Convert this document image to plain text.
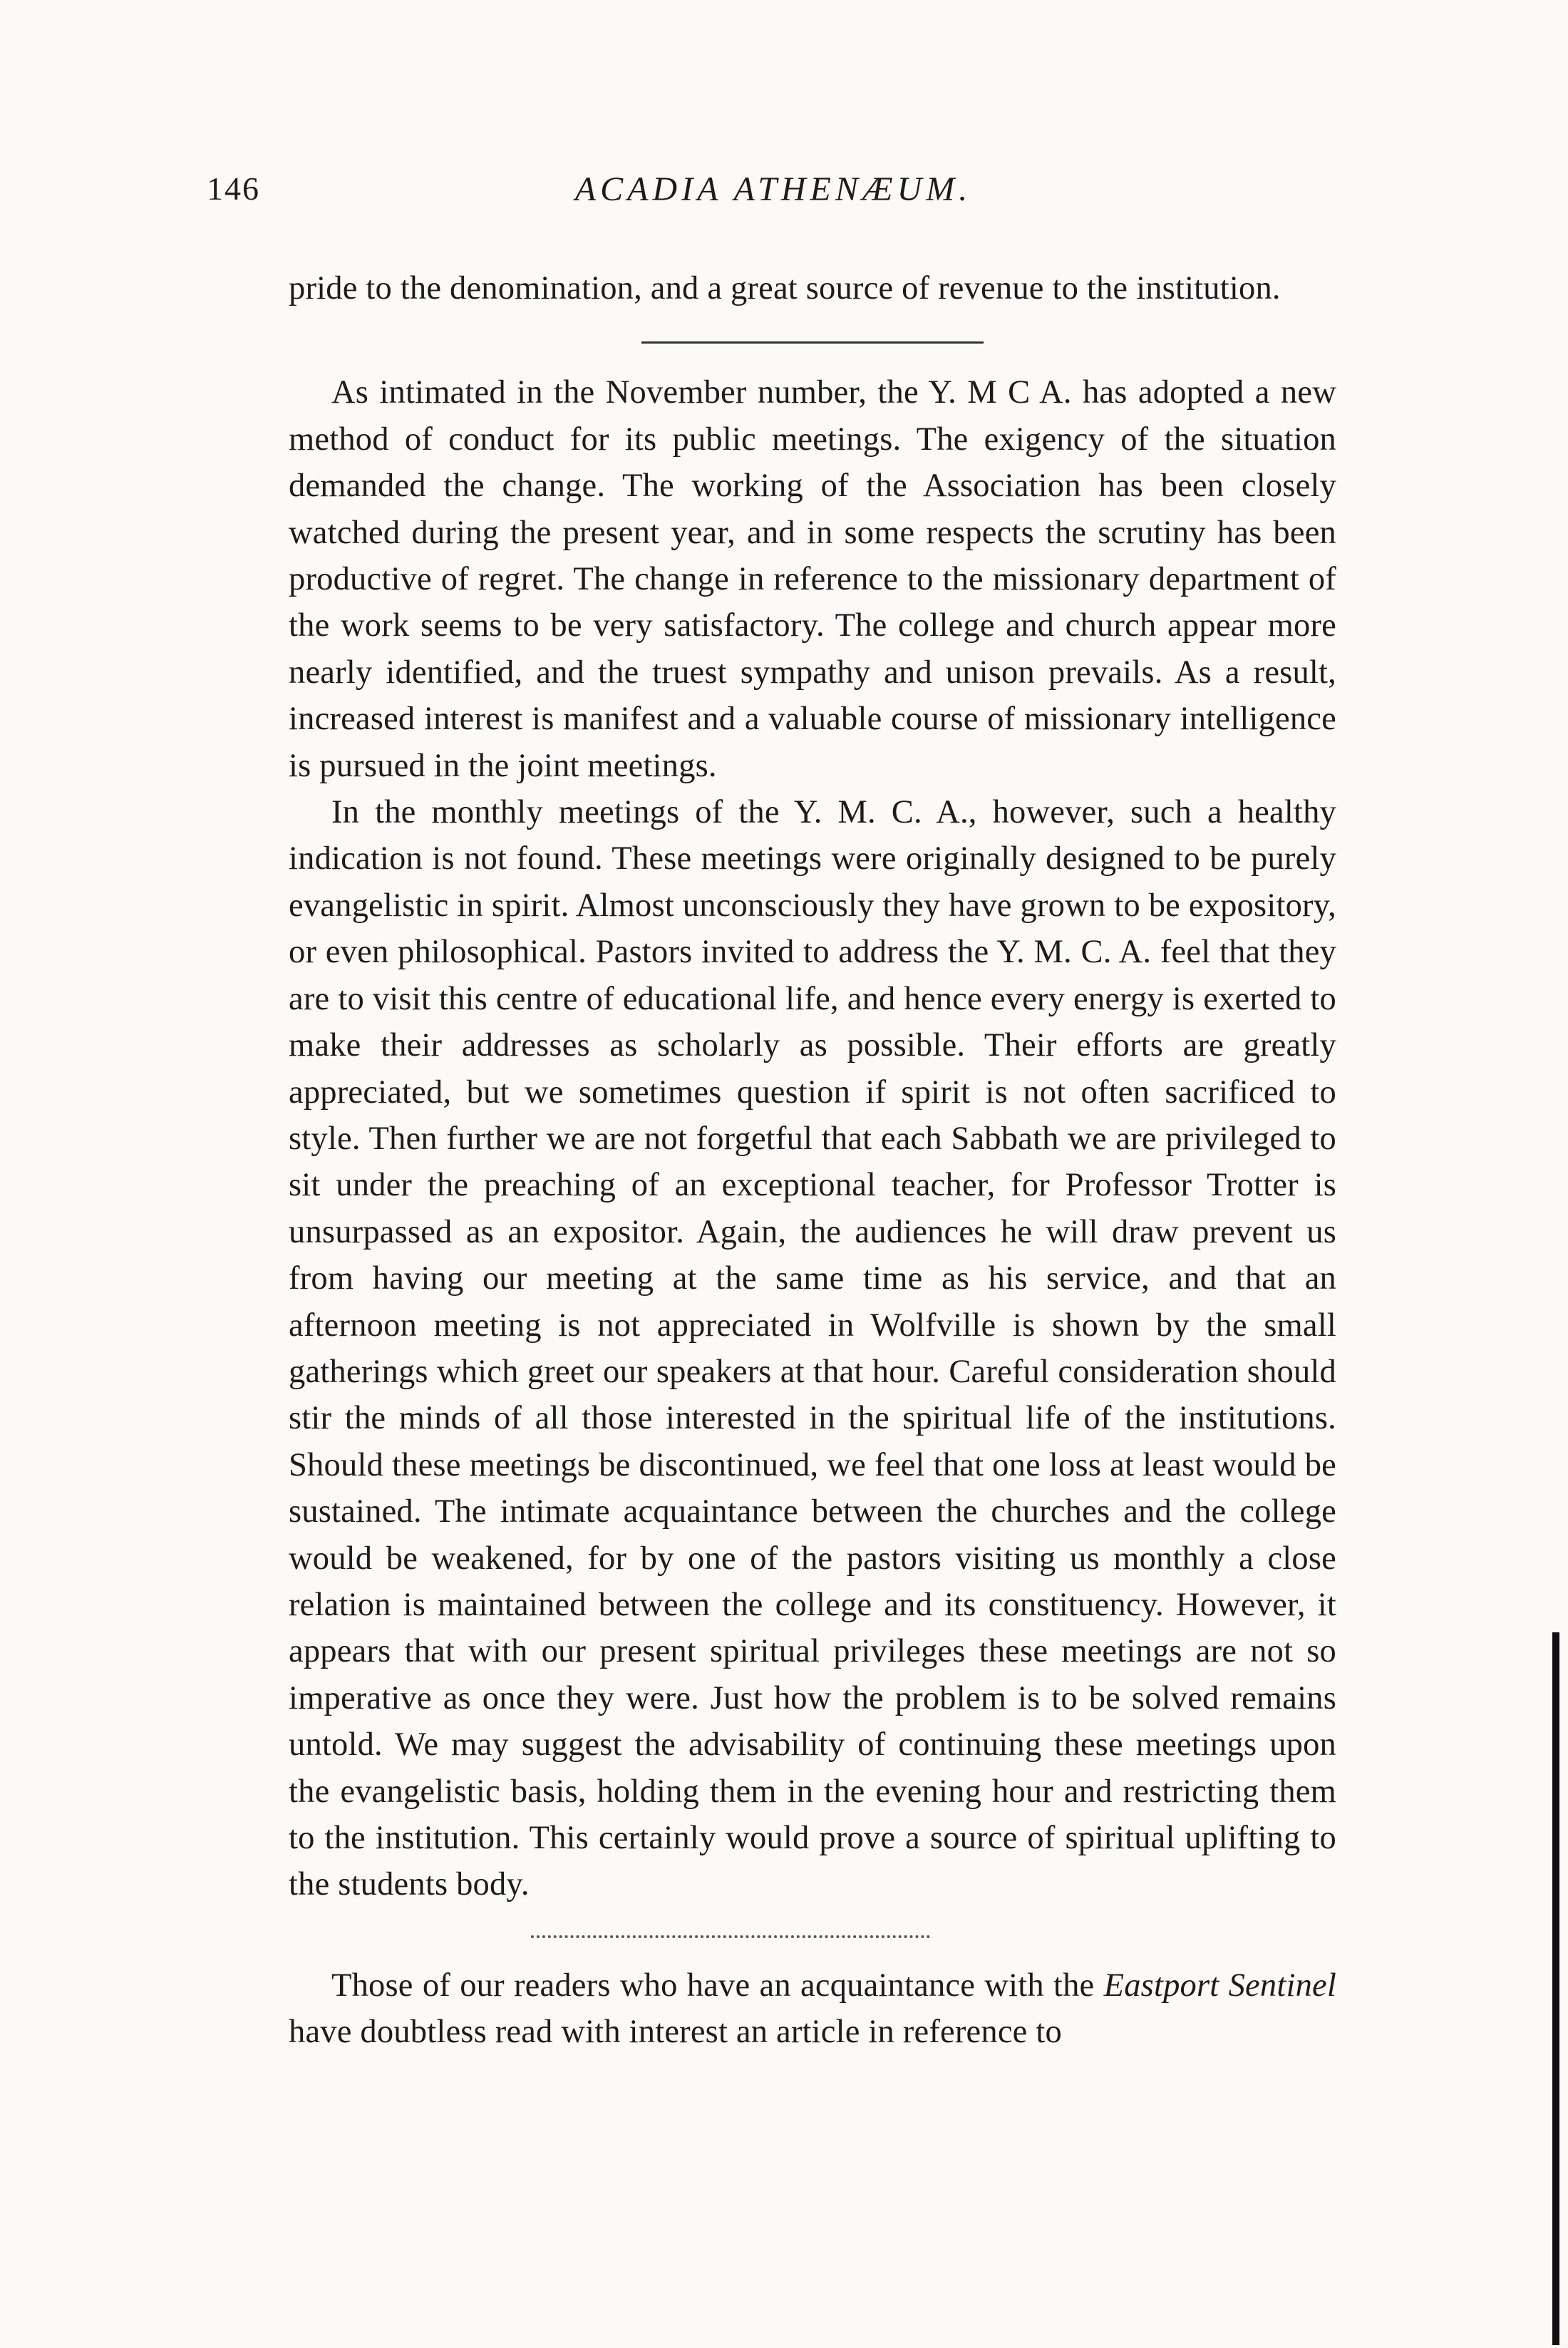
146	ACADIA ATHENÆUM.

pride to the denomination, and a great source of revenue to the institution.

As intimated in the November number, the Y. M C A. has adopted a new method of conduct for its public meetings. The exigency of the situation demanded the change. The working of the Association has been closely watched during the present year, and in some respects the scrutiny has been productive of regret. The change in reference to the missionary department of the work seems to be very satisfactory. The college and church appear more nearly identified, and the truest sympathy and unison prevails. As a result, increased interest is manifest and a valuable course of missionary intelligence is pursued in the joint meetings.

In the monthly meetings of the Y. M. C. A., however, such a healthy indication is not found. These meetings were originally designed to be purely evangelistic in spirit. Almost unconsciously they have grown to be expository, or even philosophical. Pastors invited to address the Y. M. C. A. feel that they are to visit this centre of educational life, and hence every energy is exerted to make their addresses as scholarly as possible. Their efforts are greatly appreciated, but we sometimes question if spirit is not often sacrificed to style. Then further we are not forgetful that each Sabbath we are privileged to sit under the preaching of an exceptional teacher, for Professor Trotter is unsurpassed as an expositor. Again, the audiences he will draw prevent us from having our meeting at the same time as his service, and that an afternoon meeting is not appreciated in Wolfville is shown by the small gatherings which greet our speakers at that hour. Careful consideration should stir the minds of all those interested in the spiritual life of the institutions. Should these meetings be discontinued, we feel that one loss at least would be sustained. The intimate acquaintance between the churches and the college would be weakened, for by one of the pastors visiting us monthly a close relation is maintained between the college and its constituency. However, it appears that with our present spiritual privileges these meetings are not so imperative as once they were. Just how the problem is to be solved remains untold. We may suggest the advisability of continuing these meetings upon the evangelistic basis, holding them in the evening hour and restricting them to the institution. This certainly would prove a source of spiritual uplifting to the students body.

Those of our readers who have an acquaintance with the Eastport Sentinel have doubtless read with interest an article in reference to
